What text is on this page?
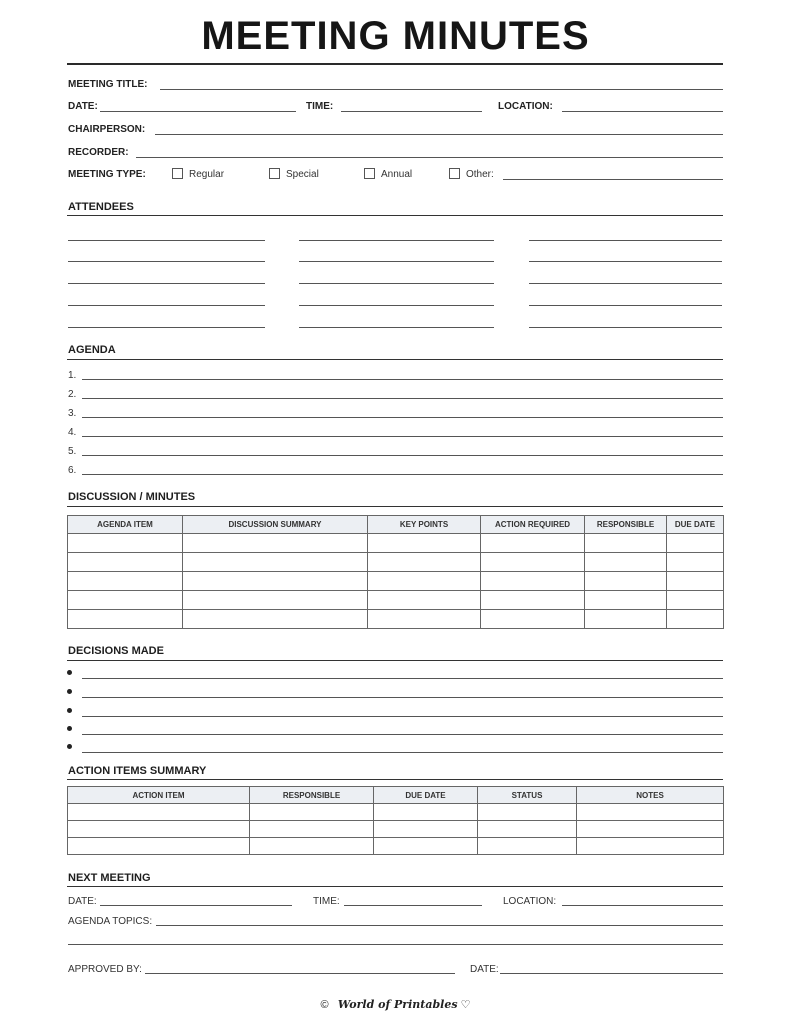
MEETING MINUTES
MEETING TITLE:
DATE:	TIME:	LOCATION:
CHAIRPERSON:
RECORDER:
MEETING TYPE:	Regular	Special	Annual	Other:
ATTENDEES
AGENDA
1.
2.
3.
4.
5.
6.
DISCUSSION / MINUTES
AGENDA ITEM	DISCUSSION SUMMARY	KEY POINTS	ACTION REQUIRED	RESPONSIBLE	DUE DATE

DECISIONS MADE
ACTION ITEMS SUMMARY
ACTION ITEM	RESPONSIBLE	DUE DATE	STATUS	NOTES

NEXT MEETING
DATE:	TIME:	LOCATION:
AGENDA TOPICS:
APPROVED BY:	DATE:
© World of Printables ♡
